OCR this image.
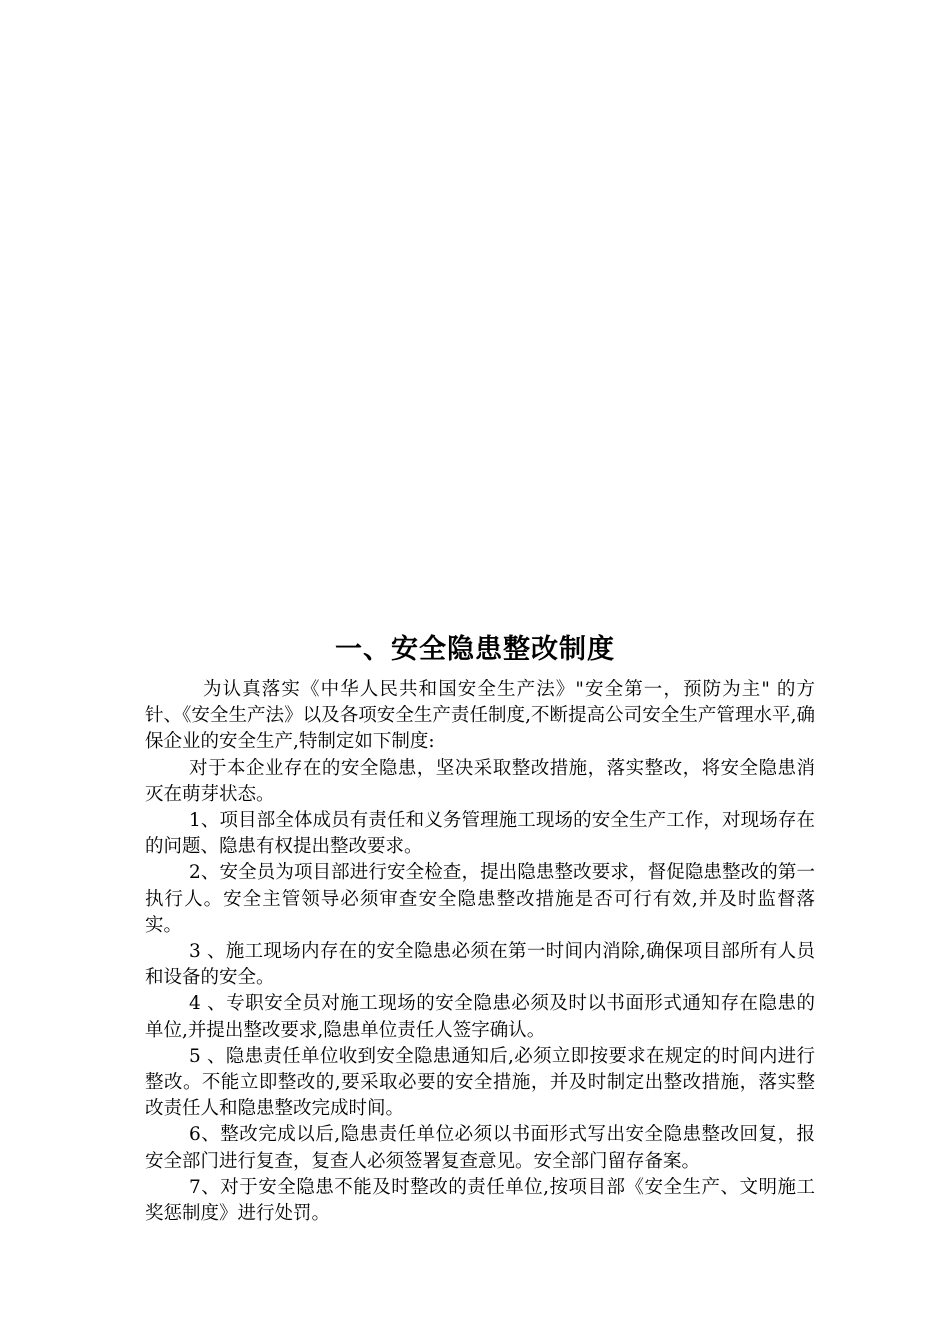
一、安全隐患整改制度

为认真落实《中华人民共和国安全生产法》"安全第一，预防为主" 的方针、《安全生产法》以及各项安全生产责任制度,不断提高公司安全生产管理水平,确保企业的安全生产,特制定如下制度:

对于本企业存在的安全隐患，坚决采取整改措施，落实整改，将安全隐患消灭在萌芽状态。

1、项目部全体成员有责任和义务管理施工现场的安全生产工作，对现场存在的问题、隐患有权提出整改要求。

2、安全员为项目部进行安全检查，提出隐患整改要求，督促隐患整改的第一执行人。安全主管领导必须审查安全隐患整改措施是否可行有效,并及时监督落实。

3 、施工现场内存在的安全隐患必须在第一时间内消除,确保项目部所有人员和设备的安全。

4 、专职安全员对施工现场的安全隐患必须及时以书面形式通知存在隐患的单位,并提出整改要求,隐患单位责任人签字确认。

5 、隐患责任单位收到安全隐患通知后,必须立即按要求在规定的时间内进行整改。不能立即整改的,要采取必要的安全措施，并及时制定出整改措施，落实整改责任人和隐患整改完成时间。

6、整改完成以后,隐患责任单位必须以书面形式写出安全隐患整改回复，报安全部门进行复查，复查人必须签署复查意见。安全部门留存备案。

7、对于安全隐患不能及时整改的责任单位,按项目部《安全生产、文明施工奖惩制度》进行处罚。
